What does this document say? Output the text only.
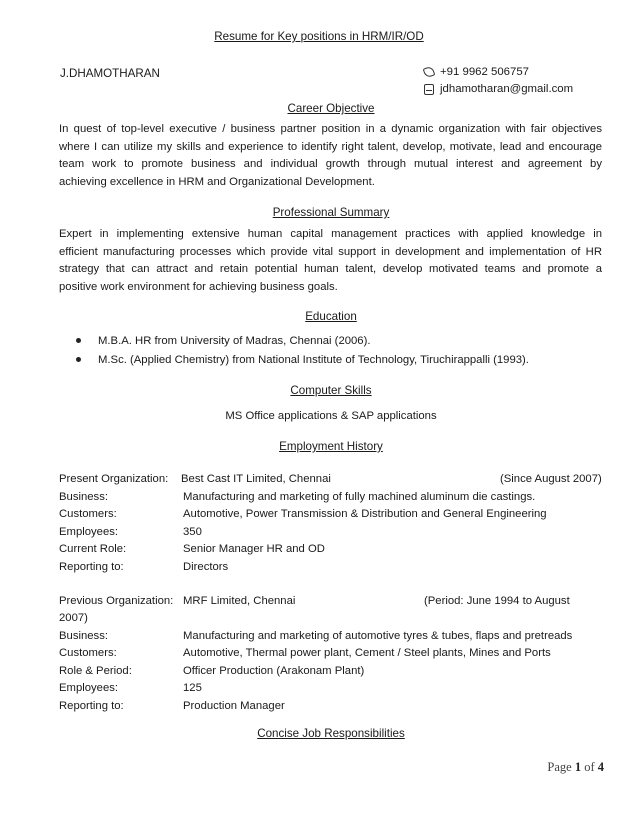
Resume for Key positions in HRM/IR/OD
J.DHAMOTHARAN	+91 9962 506757
jdhamotharan@gmail.com
Career Objective
In quest of top-level executive / business partner position in a dynamic organization with fair objectives
where I can utilize my skills and experience to identify right talent, develop, motivate, lead and encourage
team work to promote business and individual growth through mutual interest and agreement by
achieving excellence in HRM and Organizational Development.
Professional Summary
Expert in implementing extensive human capital management practices with applied knowledge in
efficient manufacturing processes which provide vital support in development and implementation of HR
strategy that can attract and retain potential human talent, develop motivated teams and promote a
positive work environment for achieving business goals.
Education
M.B.A. HR from University of Madras, Chennai (2006).
M.Sc. (Applied Chemistry) from National Institute of Technology, Tiruchirappalli (1993).
Computer Skills
MS Office applications & SAP applications
Employment History
Present Organization: Best Cast IT Limited, Chennai	(Since August 2007)
Business:	Manufacturing and marketing of fully machined aluminum die castings.
Customers:	Automotive, Power Transmission & Distribution and General Engineering
Employees:	350
Current Role:	Senior Manager HR and OD
Reporting to:	Directors
Previous Organization: MRF Limited, Chennai	(Period: June 1994 to August
2007)
Business:	Manufacturing and marketing of automotive tyres & tubes, flaps and pretreads
Customers:	Automotive, Thermal power plant, Cement / Steel plants, Mines and Ports
Role & Period:	Officer Production (Arakonam Plant)
Employees:	125
Reporting to:	Production Manager
Concise Job Responsibilities
Page 1 of 4
